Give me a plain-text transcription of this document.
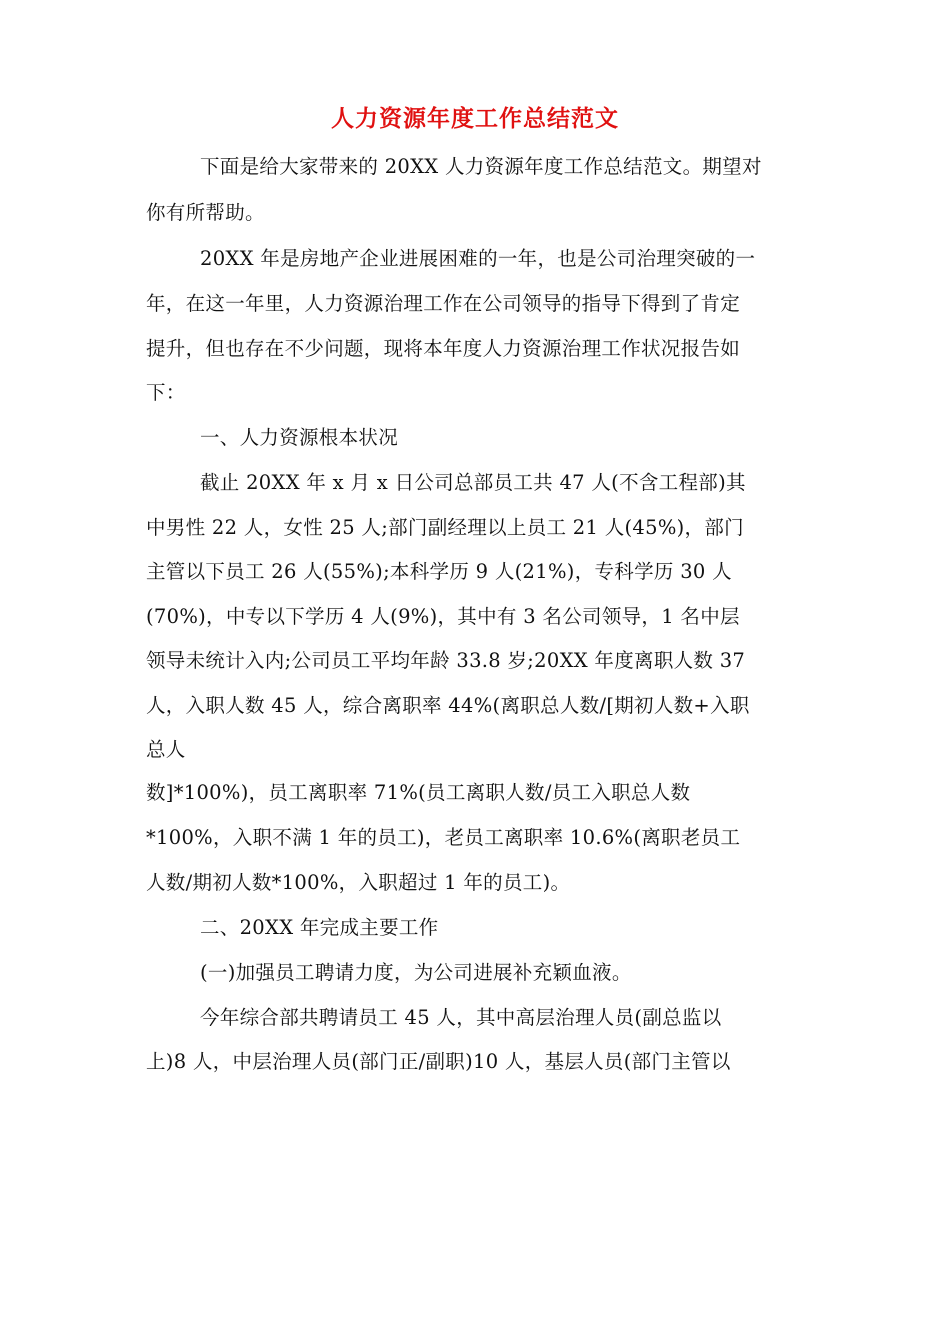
人力资源年度工作总结范文
下面是给大家带来的 20XX 人力资源年度工作总结范文。期望对
你有所帮助。
20XX 年是房地产企业进展困难的一年，也是公司治理突破的一
年，在这一年里，人力资源治理工作在公司领导的指导下得到了肯定
提升，但也存在不少问题，现将本年度人力资源治理工作状况报告如
下：
一、人力资源根本状况
截止 20XX 年 x 月 x 日公司总部员工共 47 人(不含工程部)其
中男性 22 人，女性 25 人;部门副经理以上员工 21 人(45%)，部门
主管以下员工 26 人(55%);本科学历 9 人(21%)，专科学历 30 人
(70%)，中专以下学历 4 人(9%)，其中有 3 名公司领导，1 名中层
领导未统计入内;公司员工平均年龄 33.8 岁;20XX 年度离职人数 37
人，入职人数 45 人，综合离职率 44%(离职总人数/[期初人数+入职
总人
数]*100%)，员工离职率 71%(员工离职人数/员工入职总人数
*100%，入职不满 1 年的员工)，老员工离职率 10.6%(离职老员工
人数/期初人数*100%，入职超过 1 年的员工)。
二、20XX 年完成主要工作
(一)加强员工聘请力度，为公司进展补充颖血液。
今年综合部共聘请员工 45 人，其中高层治理人员(副总监以
上)8 人，中层治理人员(部门正/副职)10 人，基层人员(部门主管以
